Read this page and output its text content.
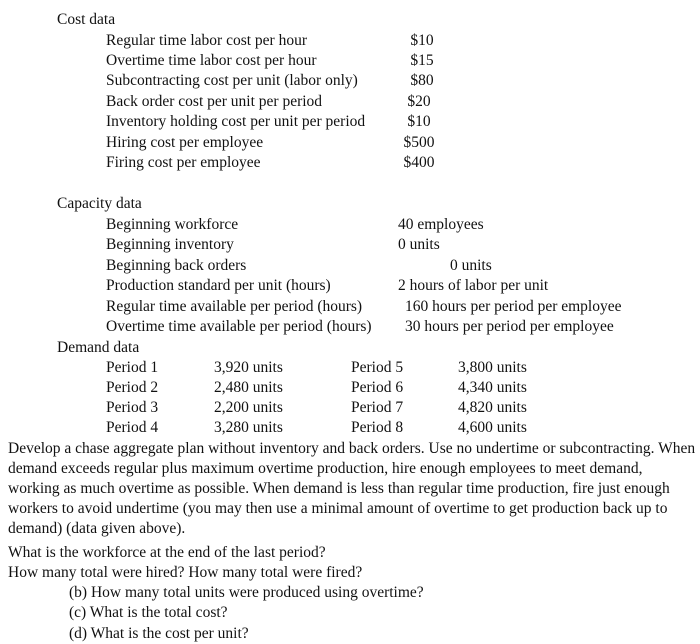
Cost data
Regular time labor cost per hour	$10
Overtime time labor cost per hour	$15
Subcontracting cost per unit (labor only)	$80
Back order cost per unit per period	$20
Inventory holding cost per unit per period	$10
Hiring cost per employee	$500
Firing cost per employee	$400
Capacity data
Beginning workforce	40 employees
Beginning inventory	0 units
Beginning back orders	0 units
Production standard per unit (hours)	2 hours of labor per unit
Regular time available per period (hours)	160 hours per period per employee
Overtime time available per period (hours) 30 hours per period per employee
Demand data
Period 1	3,920 units	Period 5	3,800 units
Period 2	2,480 units	Period 6	4,340 units
Period 3	2,200 units	Period 7	4,820 units
Period 4	3,280 units	Period 8	4,600 units
Develop a chase aggregate plan without inventory and back orders. Use no undertime or subcontracting. When demand exceeds regular plus maximum overtime production, hire enough employees to meet demand, working as much overtime as possible. When demand is less than regular time production, fire just enough workers to avoid undertime (you may then use a minimal amount of overtime to get production back up to demand) (data given above).
What is the workforce at the end of the last period?
How many total were hired? How many total were fired?
(b) How many total units were produced using overtime?
(c) What is the total cost?
(d) What is the cost per unit?
